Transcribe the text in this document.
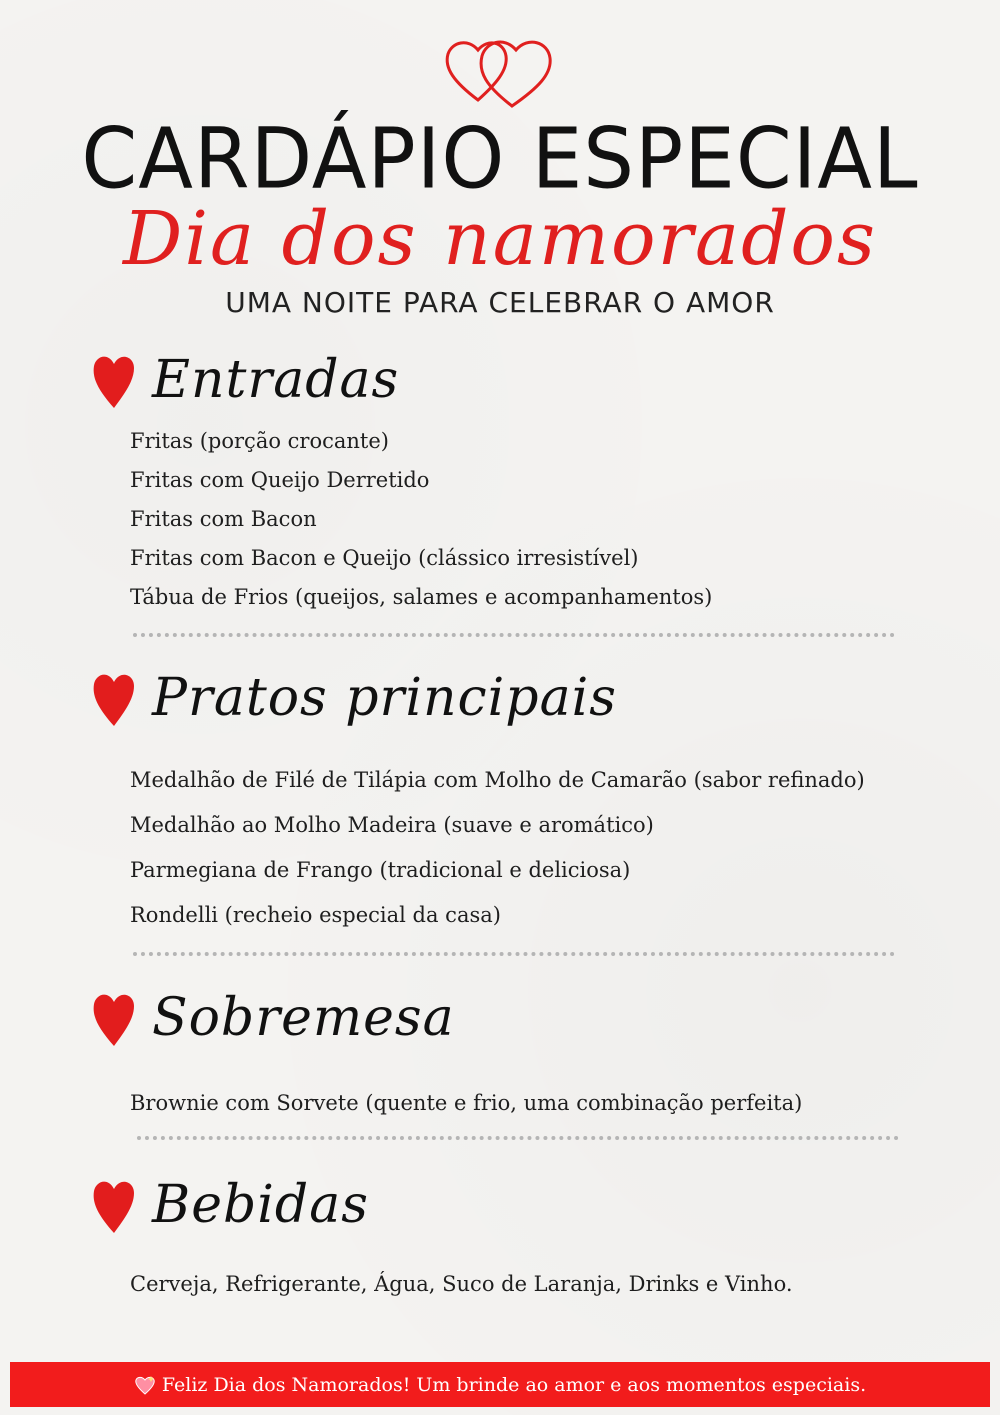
CARDÁPIO ESPECIAL
Dia dos namorados
UMA NOITE PARA CELEBRAR O AMOR
Entradas
Fritas (porção crocante)
Fritas com Queijo Derretido
Fritas com Bacon
Fritas com Bacon e Queijo (clássico irresistível)
Tábua de Frios (queijos, salames e acompanhamentos)
Pratos principais
Medalhão de Filé de Tilápia com Molho de Camarão (sabor refinado)
Medalhão ao Molho Madeira (suave e aromático)
Parmegiana de Frango (tradicional e deliciosa)
Rondelli (recheio especial da casa)
Sobremesa
Brownie com Sorvete (quente e frio, uma combinação perfeita)
Bebidas
Cerveja, Refrigerante, Água, Suco de Laranja, Drinks e Vinho.
Feliz Dia dos Namorados! Um brinde ao amor e aos momentos especiais.
